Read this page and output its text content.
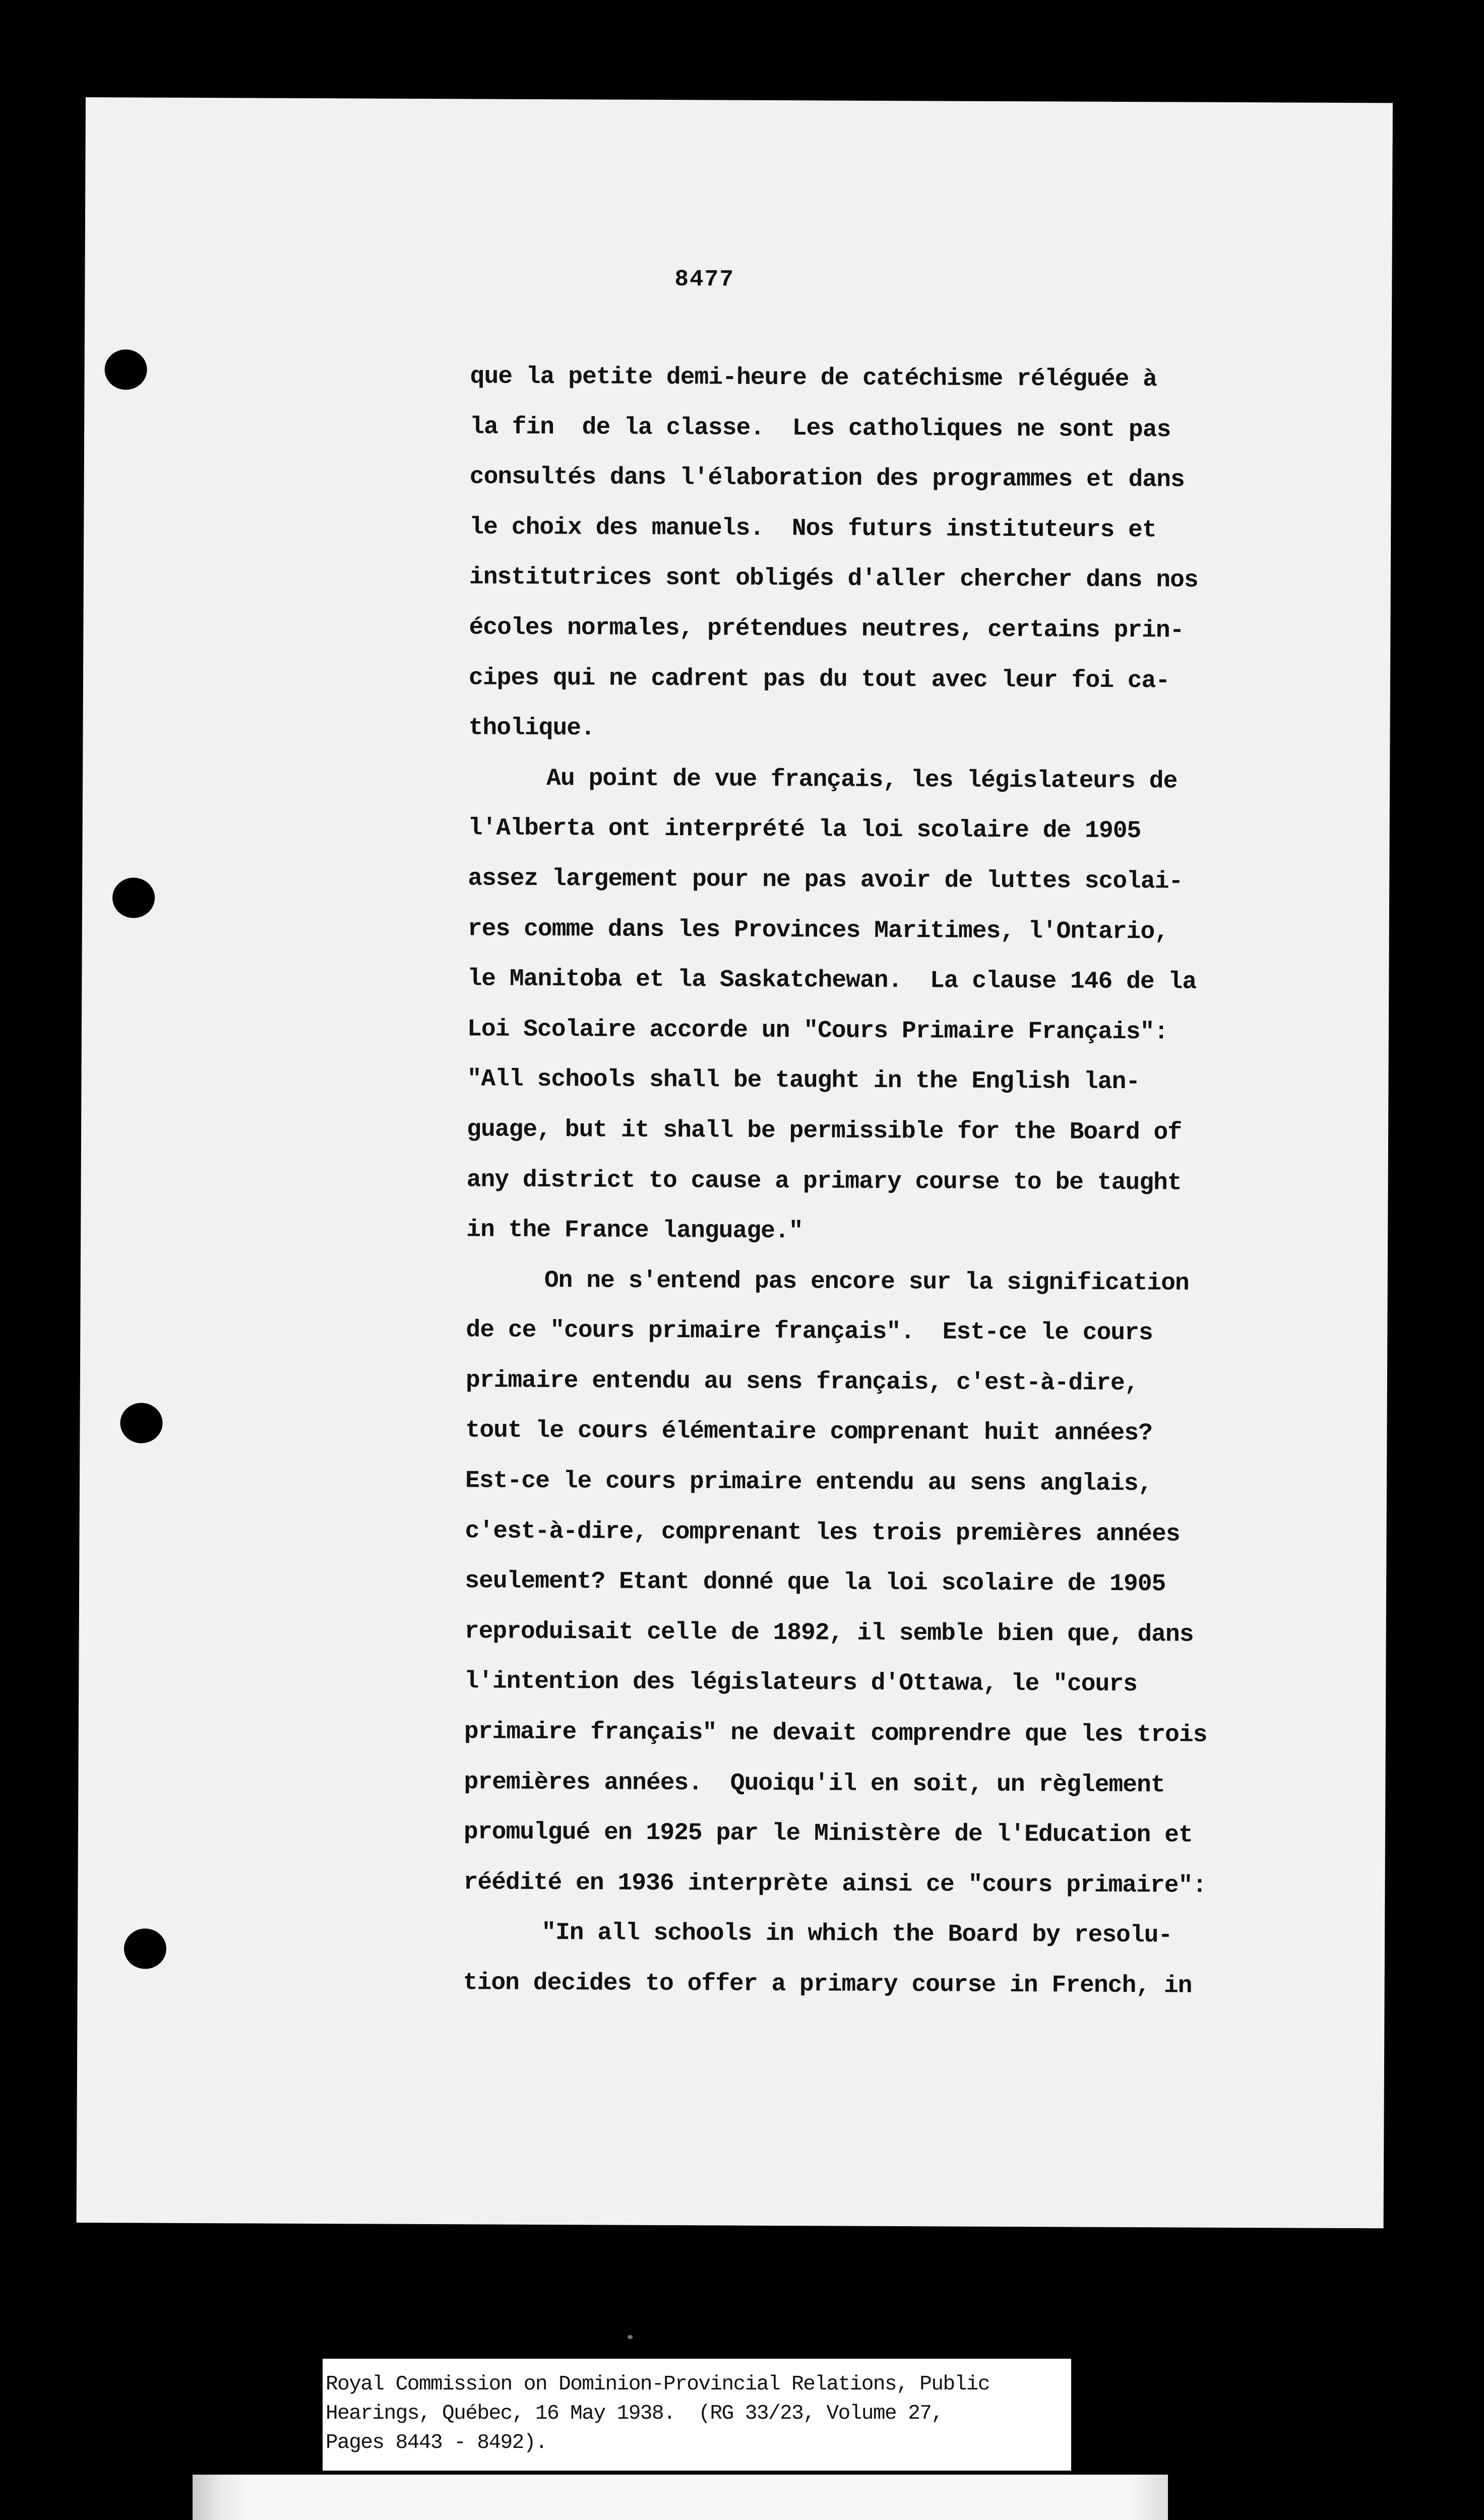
8477
que la petite demi-heure de catéchisme réléguée à
la fin  de la classe.  Les catholiques ne sont pas
consultés dans l'élaboration des programmes et dans
le choix des manuels.  Nos futurs instituteurs et
institutrices sont obligés d'aller chercher dans nos
écoles normales, prétendues neutres, certains prin-
cipes qui ne cadrent pas du tout avec leur foi ca-
tholique.
Au point de vue français, les législateurs de
l'Alberta ont interprété la loi scolaire de 1905
assez largement pour ne pas avoir de luttes scolai-
res comme dans les Provinces Maritimes, l'Ontario,
le Manitoba et la Saskatchewan.  La clause 146 de la
Loi Scolaire accorde un "Cours Primaire Français":
"All schools shall be taught in the English lan-
guage, but it shall be permissible for the Board of
any district to cause a primary course to be taught
in the France language."
On ne s'entend pas encore sur la signification
de ce "cours primaire français".  Est-ce le cours
primaire entendu au sens français, c'est-à-dire,
tout le cours élémentaire comprenant huit années?
Est-ce le cours primaire entendu au sens anglais,
c'est-à-dire, comprenant les trois premières années
seulement? Etant donné que la loi scolaire de 1905
reproduisait celle de 1892, il semble bien que, dans
l'intention des législateurs d'Ottawa, le "cours
primaire français" ne devait comprendre que les trois
premières années.  Quoiqu'il en soit, un règlement
promulgué en 1925 par le Ministère de l'Education et
réédité en 1936 interprète ainsi ce "cours primaire":
"In all schools in which the Board by resolu-
tion decides to offer a primary course in French, in
Royal Commission on Dominion-Provincial Relations, Public
Hearings, Québec, 16 May 1938.  (RG 33/23, Volume 27,
Pages 8443 - 8492).
